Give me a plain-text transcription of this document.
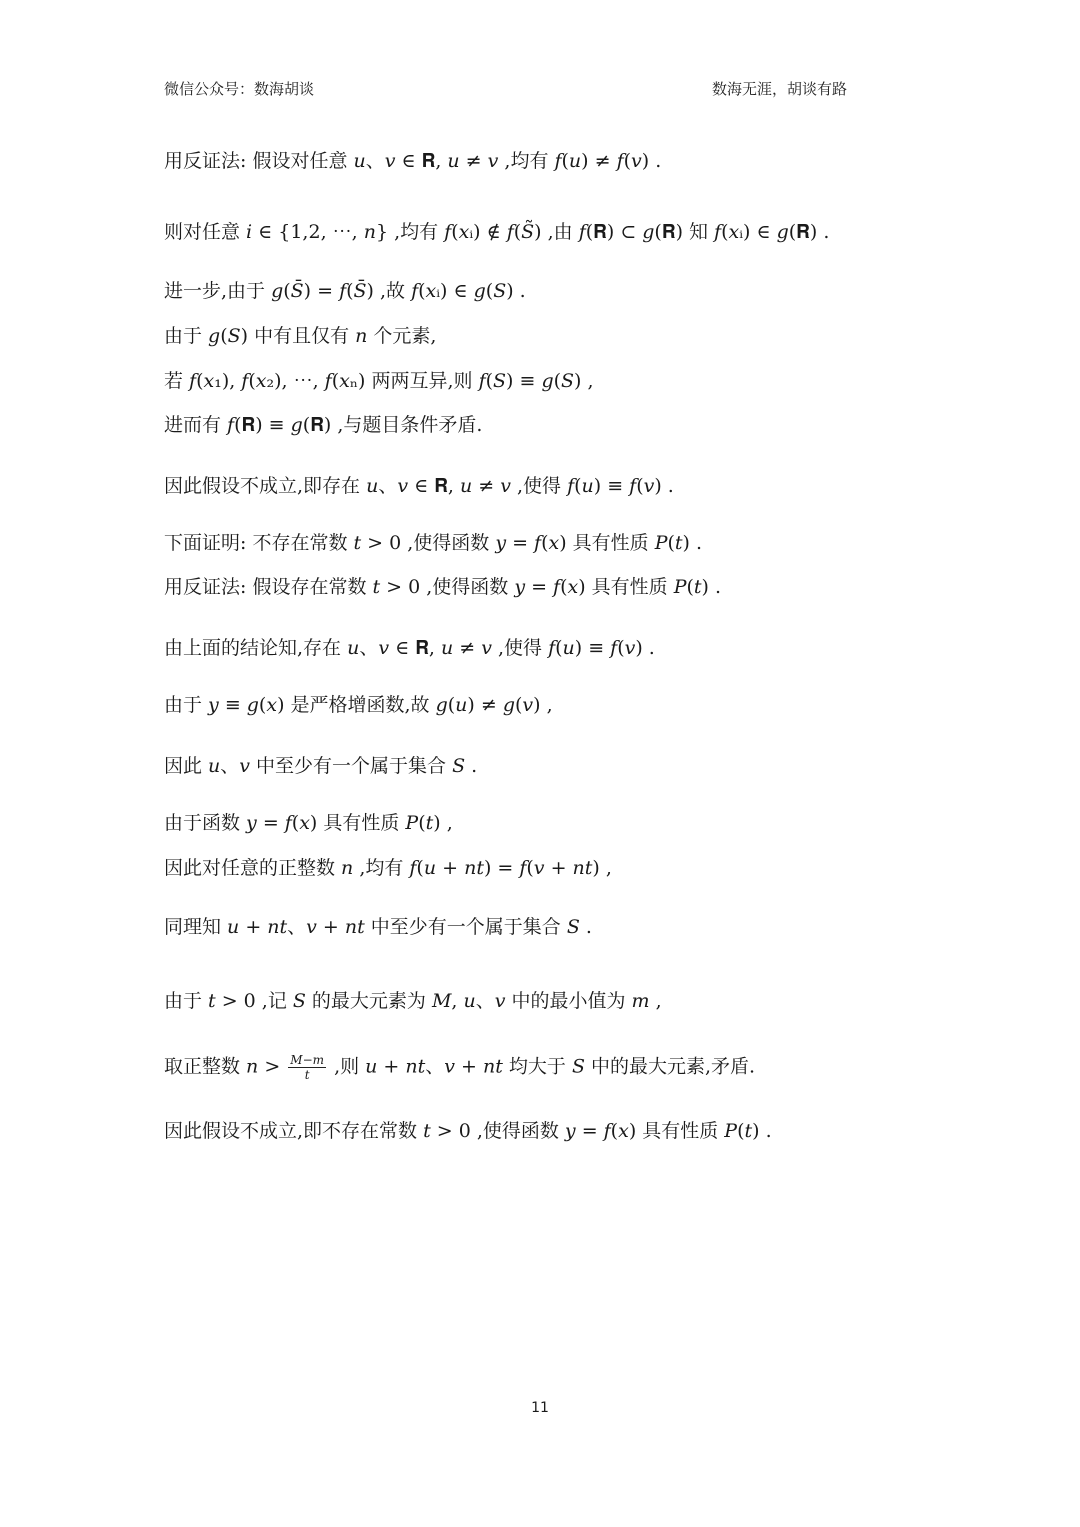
微信公众号：数海胡谈	数海无涯，胡谈有路
用反证法: 假设对任意 𝑢、𝑣 ∈ 𝐑, 𝑢 ≠ 𝑣 ,均有 𝑓(𝑢) ≠ 𝑓(𝑣) .
则对任意 𝑖 ∈ {1,2, ⋯, 𝑛} ,均有 𝑓(𝑥ᵢ) ∉ 𝑓(𝑆̃) ,由 𝑓(𝐑) ⊂ 𝑔(𝐑) 知 𝑓(𝑥ᵢ) ∈ 𝑔(𝐑) .
进一步,由于 𝑔(𝑆̄) = 𝑓(𝑆̄) ,故 𝑓(𝑥ᵢ) ∈ 𝑔(𝑆) .
由于 𝑔(𝑆) 中有且仅有 𝑛 个元素,
若 𝑓(𝑥₁), 𝑓(𝑥₂), ⋯, 𝑓(𝑥ₙ) 两两互异,则 𝑓(𝑆) ≡ 𝑔(𝑆) ,
进而有 𝑓(𝐑) ≡ 𝑔(𝐑) ,与题目条件矛盾.
因此假设不成立,即存在 𝑢、𝑣 ∈ 𝐑, 𝑢 ≠ 𝑣 ,使得 𝑓(𝑢) ≡ 𝑓(𝑣) .
下面证明: 不存在常数 𝑡 > 0 ,使得函数 𝑦 = 𝑓(𝑥) 具有性质 𝑃(𝑡) .
用反证法: 假设存在常数 𝑡 > 0 ,使得函数 𝑦 = 𝑓(𝑥) 具有性质 𝑃(𝑡) .
由上面的结论知,存在 𝑢、𝑣 ∈ 𝐑, 𝑢 ≠ 𝑣 ,使得 𝑓(𝑢) ≡ 𝑓(𝑣) .
由于 𝑦 ≡ 𝑔(𝑥) 是严格增函数,故 𝑔(𝑢) ≠ 𝑔(𝑣) ,
因此 𝑢、𝑣 中至少有一个属于集合 𝑆 .
由于函数 𝑦 = 𝑓(𝑥) 具有性质 𝑃(𝑡) ,
因此对任意的正整数 𝑛 ,均有 𝑓(𝑢 + 𝑛𝑡) = 𝑓(𝑣 + 𝑛𝑡) ,
同理知 𝑢 + 𝑛𝑡、𝑣 + 𝑛𝑡 中至少有一个属于集合 𝑆 .
由于 𝑡 > 0 ,记 𝑆 的最大元素为 𝑀, 𝑢、𝑣 中的最小值为 𝑚 ,
取正整数 𝑛 > $\frac{M-m}{t}$ ,则 𝑢 + 𝑛𝑡、𝑣 + 𝑛𝑡 均大于 𝑆 中的最大元素,矛盾.
因此假设不成立,即不存在常数 𝑡 > 0 ,使得函数 𝑦 = 𝑓(𝑥) 具有性质 𝑃(𝑡) .
11
